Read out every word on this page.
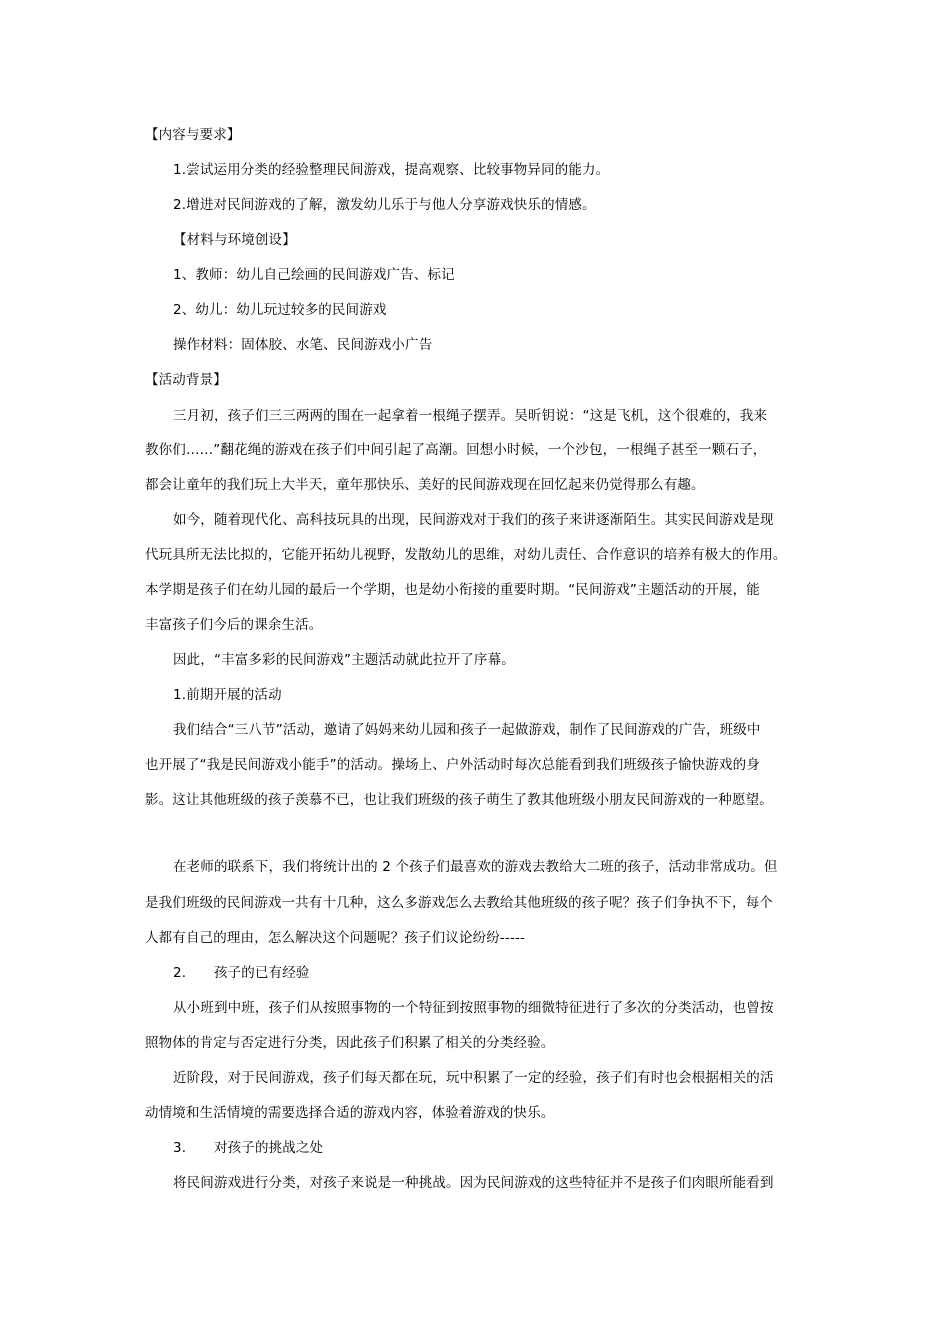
【内容与要求】
1.尝试运用分类的经验整理民间游戏，提高观察、比较事物异同的能力。
2.增进对民间游戏的了解，激发幼儿乐于与他人分享游戏快乐的情感。
【材料与环境创设】
1、教师：幼儿自己绘画的民间游戏广告、标记
2、幼儿：幼儿玩过较多的民间游戏
操作材料：固体胶、水笔、民间游戏小广告
【活动背景】
三月初，孩子们三三两两的围在一起拿着一根绳子摆弄。吴昕钥说：“这是飞机，这个很难的，我来
教你们……”翻花绳的游戏在孩子们中间引起了高潮。回想小时候，一个沙包，一根绳子甚至一颗石子，
都会让童年的我们玩上大半天，童年那快乐、美好的民间游戏现在回忆起来仍觉得那么有趣。
如今，随着现代化、高科技玩具的出现，民间游戏对于我们的孩子来讲逐渐陌生。其实民间游戏是现
代玩具所无法比拟的，它能开拓幼儿视野，发散幼儿的思维，对幼儿责任、合作意识的培养有极大的作用。
本学期是孩子们在幼儿园的最后一个学期，也是幼小衔接的重要时期。“民间游戏”主题活动的开展，能
丰富孩子们今后的课余生活。
因此，“丰富多彩的民间游戏”主题活动就此拉开了序幕。
1.前期开展的活动
我们结合“三八节”活动，邀请了妈妈来幼儿园和孩子一起做游戏，制作了民间游戏的广告，班级中
也开展了“我是民间游戏小能手”的活动。操场上、户外活动时每次总能看到我们班级孩子愉快游戏的身
影。这让其他班级的孩子羡慕不已，也让我们班级的孩子萌生了教其他班级小朋友民间游戏的一种愿望。
在老师的联系下，我们将统计出的 2 个孩子们最喜欢的游戏去教给大二班的孩子，活动非常成功。但
是我们班级的民间游戏一共有十几种，这么多游戏怎么去教给其他班级的孩子呢？孩子们争执不下，每个
人都有自己的理由，怎么解决这个问题呢？孩子们议论纷纷-----
2. 孩子的已有经验
从小班到中班，孩子们从按照事物的一个特征到按照事物的细微特征进行了多次的分类活动，也曾按
照物体的肯定与否定进行分类，因此孩子们积累了相关的分类经验。
近阶段，对于民间游戏，孩子们每天都在玩，玩中积累了一定的经验，孩子们有时也会根据相关的活
动情境和生活情境的需要选择合适的游戏内容，体验着游戏的快乐。
3. 对孩子的挑战之处
将民间游戏进行分类，对孩子来说是一种挑战。因为民间游戏的这些特征并不是孩子们肉眼所能看到
